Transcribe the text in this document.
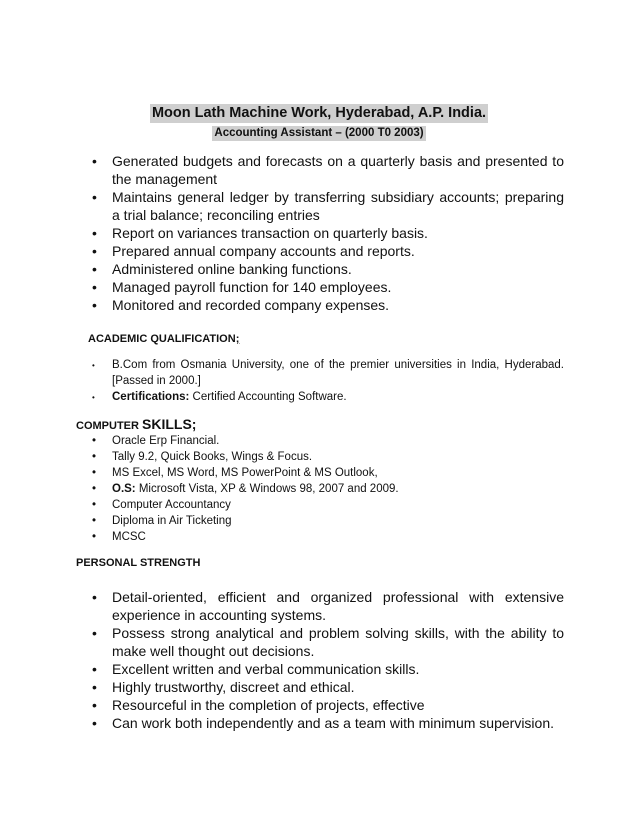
Moon Lath Machine Work, Hyderabad, A.P. India.
Accounting Assistant – (2000 T0 2003)
• Generated budgets and forecasts on a quarterly basis and presented to the management
• Maintains general ledger by transferring subsidiary accounts; preparing a trial balance; reconciling entries
• Report on variances transaction on quarterly basis.
• Prepared annual company accounts and reports.
• Administered online banking functions.
• Managed payroll function for 140 employees.
• Monitored and recorded company expenses.
ACADEMIC QUALIFICATION;
• B.Com from Osmania University, one of the premier universities in India, Hyderabad. [Passed in 2000.]
• Certifications: Certified Accounting Software.
COMPUTER SKILLS;
• Oracle Erp Financial.
• Tally 9.2, Quick Books, Wings & Focus.
• MS Excel, MS Word, MS PowerPoint & MS Outlook,
• O.S: Microsoft Vista, XP & Windows 98, 2007 and 2009.
• Computer Accountancy
• Diploma in Air Ticketing
• MCSC
PERSONAL STRENGTH
• Detail-oriented, efficient and organized professional with extensive experience in accounting systems.
• Possess strong analytical and problem solving skills, with the ability to make well thought out decisions.
• Excellent written and verbal communication skills.
• Highly trustworthy, discreet and ethical.
• Resourceful in the completion of projects, effective
• Can work both independently and as a team with minimum supervision.
